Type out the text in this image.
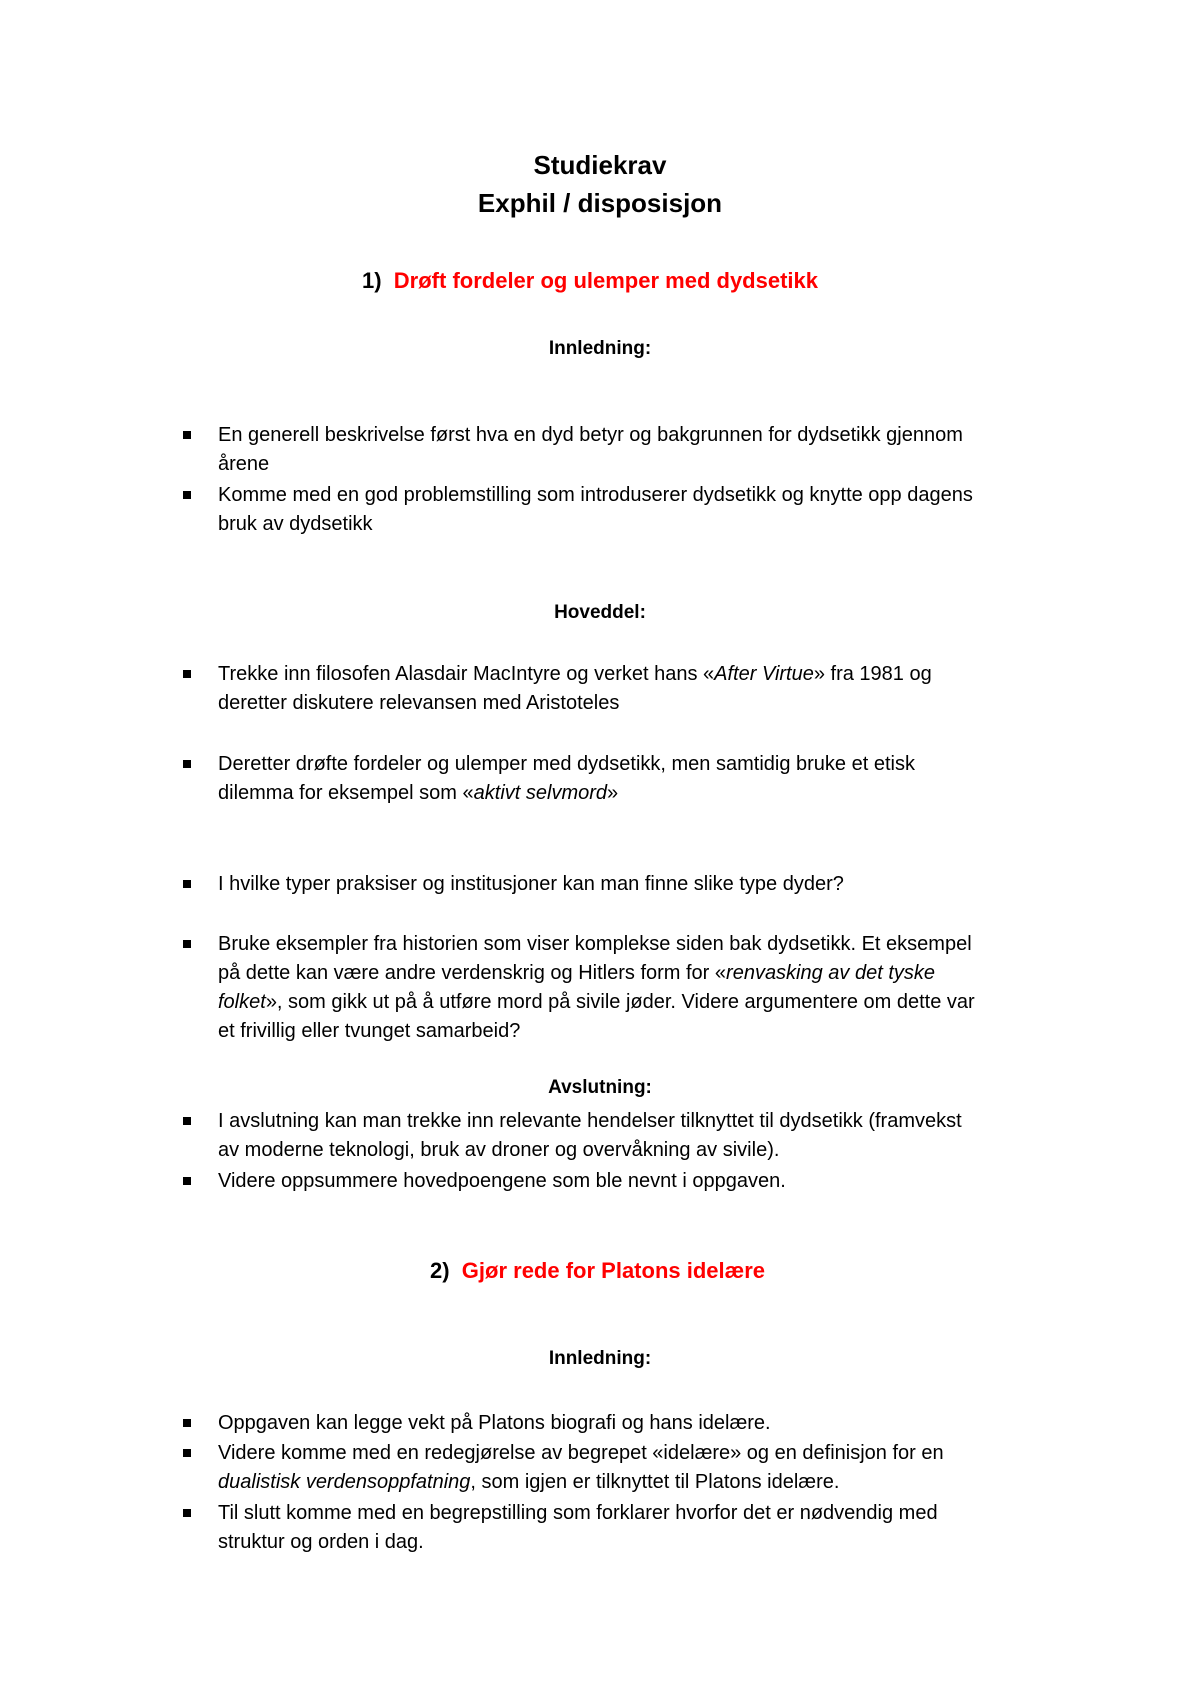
Studiekrav
Exphil / disposisjon
1) Drøft fordeler og ulemper med dydsetikk
Innledning:
En generell beskrivelse først hva en dyd betyr og bakgrunnen for dydsetikk gjennom
årene
Komme med en god problemstilling som introduserer dydsetikk og knytte opp dagens
bruk av dydsetikk
Hoveddel:
Trekke inn filosofen Alasdair MacIntyre og verket hans «After Virtue» fra 1981 og
deretter diskutere relevansen med Aristoteles
Deretter drøfte fordeler og ulemper med dydsetikk, men samtidig bruke et etisk
dilemma for eksempel som «aktivt selvmord»
I hvilke typer praksiser og institusjoner kan man finne slike type dyder?
Bruke eksempler fra historien som viser komplekse siden bak dydsetikk. Et eksempel
på dette kan være andre verdenskrig og Hitlers form for «renvasking av det tyske
folket», som gikk ut på å utføre mord på sivile jøder. Videre argumentere om dette var
et frivillig eller tvunget samarbeid?
Avslutning:
I avslutning kan man trekke inn relevante hendelser tilknyttet til dydsetikk (framvekst
av moderne teknologi, bruk av droner og overvåkning av sivile).
Videre oppsummere hovedpoengene som ble nevnt i oppgaven.
2) Gjør rede for Platons idelære
Innledning:
Oppgaven kan legge vekt på Platons biografi og hans idelære.
Videre komme med en redegjørelse av begrepet «idelære» og en definisjon for en
dualistisk verdensoppfatning, som igjen er tilknyttet til Platons idelære.
Til slutt komme med en begrepstilling som forklarer hvorfor det er nødvendig med
struktur og orden i dag.
